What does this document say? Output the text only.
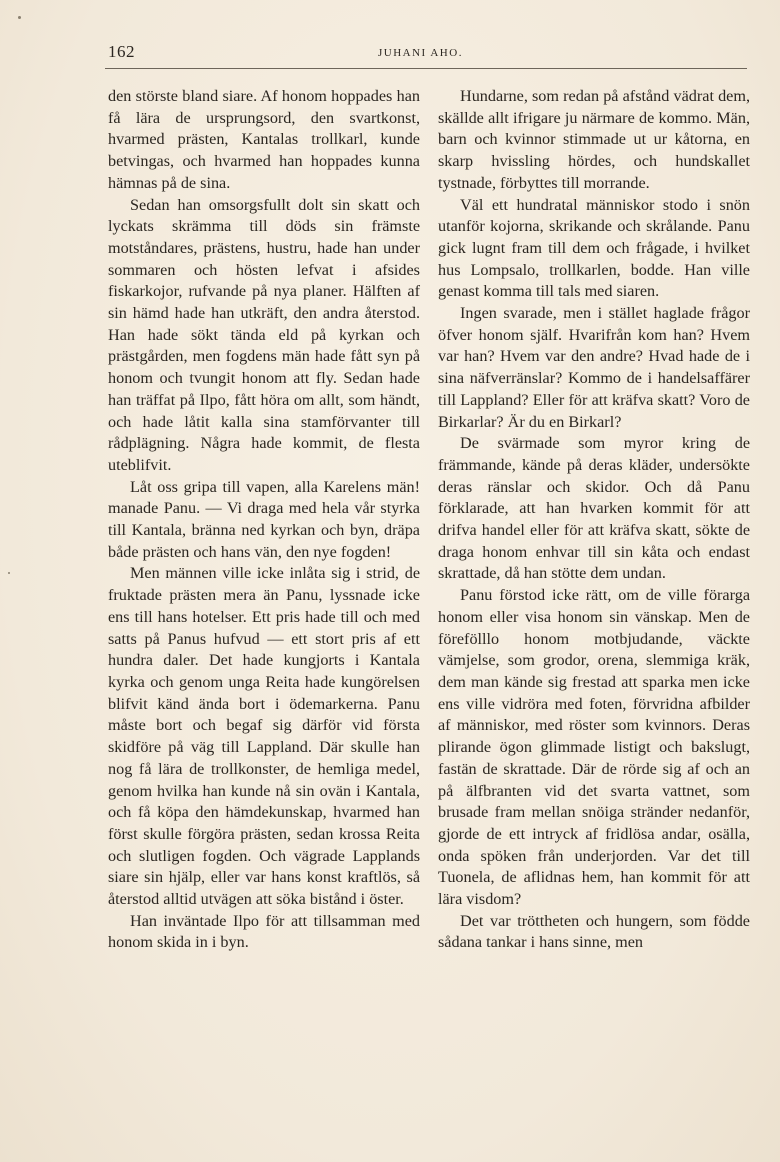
162	JUHANI AHO.

den störste bland siare. Af honom hoppades han få lära de ursprungsord, den svartkonst, hvarmed prästen, Kantalas trollkarl, kunde betvingas, och hvarmed han hoppades kunna hämnas på de sina.

Sedan han omsorgsfullt dolt sin skatt och lyckats skrämma till döds sin främste motståndares, prästens, hustru, hade han under sommaren och hösten lefvat i afsides fiskarkojor, rufvande på nya planer. Hälften af sin hämd hade han utkräft, den andra återstod. Han hade sökt tända eld på kyrkan och prästgården, men fogdens män hade fått syn på honom och tvungit honom att fly. Sedan hade han träffat på Ilpo, fått höra om allt, som händt, och hade låtit kalla sina stamförvanter till rådplägning. Några hade kommit, de flesta uteblifvit.

Låt oss gripa till vapen, alla Karelens män! manade Panu. — Vi draga med hela vår styrka till Kantala, bränna ned kyrkan och byn, dräpa både prästen och hans vän, den nye fogden!

Men männen ville icke inlåta sig i strid, de fruktade prästen mera än Panu, lyssnade icke ens till hans hotelser. Ett pris hade till och med satts på Panus hufvud — ett stort pris af ett hundra daler. Det hade kungjorts i Kantala kyrka och genom unga Reita hade kungörelsen blifvit känd ända bort i ödemarkerna. Panu måste bort och begaf sig därför vid första skidföre på väg till Lappland. Där skulle han nog få lära de trollkonster, de hemliga medel, genom hvilka han kunde nå sin ovän i Kantala, och få köpa den hämdekunskap, hvarmed han först skulle förgöra prästen, sedan krossa Reita och slutligen fogden. Och vägrade Lapplands siare sin hjälp, eller var hans konst kraftlös, så återstod alltid utvägen att söka bistånd i öster.

Han inväntade Ilpo för att tillsamman med honom skida in i byn.

Hundarne, som redan på afstånd vädrat dem, skällde allt ifrigare ju närmare de kommo. Män, barn och kvinnor stimmade ut ur kåtorna, en skarp hvissling hördes, och hundskallet tystnade, förbyttes till morrande.

Väl ett hundratal människor stodo i snön utanför kojorna, skrikande och skrålande. Panu gick lugnt fram till dem och frågade, i hvilket hus Lompsalo, trollkarlen, bodde. Han ville genast komma till tals med siaren.

Ingen svarade, men i stället haglade frågor öfver honom själf. Hvarifrån kom han? Hvem var han? Hvem var den andre? Hvad hade de i sina näfverränslar? Kommo de i handelsaffärer till Lappland? Eller för att kräfva skatt? Voro de Birkarlar? Är du en Birkarl?

De svärmade som myror kring de främmande, kände på deras kläder, undersökte deras ränslar och skidor. Och då Panu förklarade, att han hvarken kommit för att drifva handel eller för att kräfva skatt, sökte de draga honom enhvar till sin kåta och endast skrattade, då han stötte dem undan.

Panu förstod icke rätt, om de ville förarga honom eller visa honom sin vänskap. Men de förefölllo honom motbjudande, väckte vämjelse, som grodor, orena, slemmiga kräk, dem man kände sig frestad att sparka men icke ens ville vidröra med foten, förvridna afbilder af människor, med röster som kvinnors. Deras plirande ögon glimmade listigt och bakslugt, fastän de skrattade. Där de rörde sig af och an på älfbranten vid det svarta vattnet, som brusade fram mellan snöiga stränder nedanför, gjorde de ett intryck af fridlösa andar, osälla, onda spöken från underjorden. Var det till Tuonela, de aflidnas hem, han kommit för att lära visdom?

Det var tröttheten och hungern, som födde sådana tankar i hans sinne, men
